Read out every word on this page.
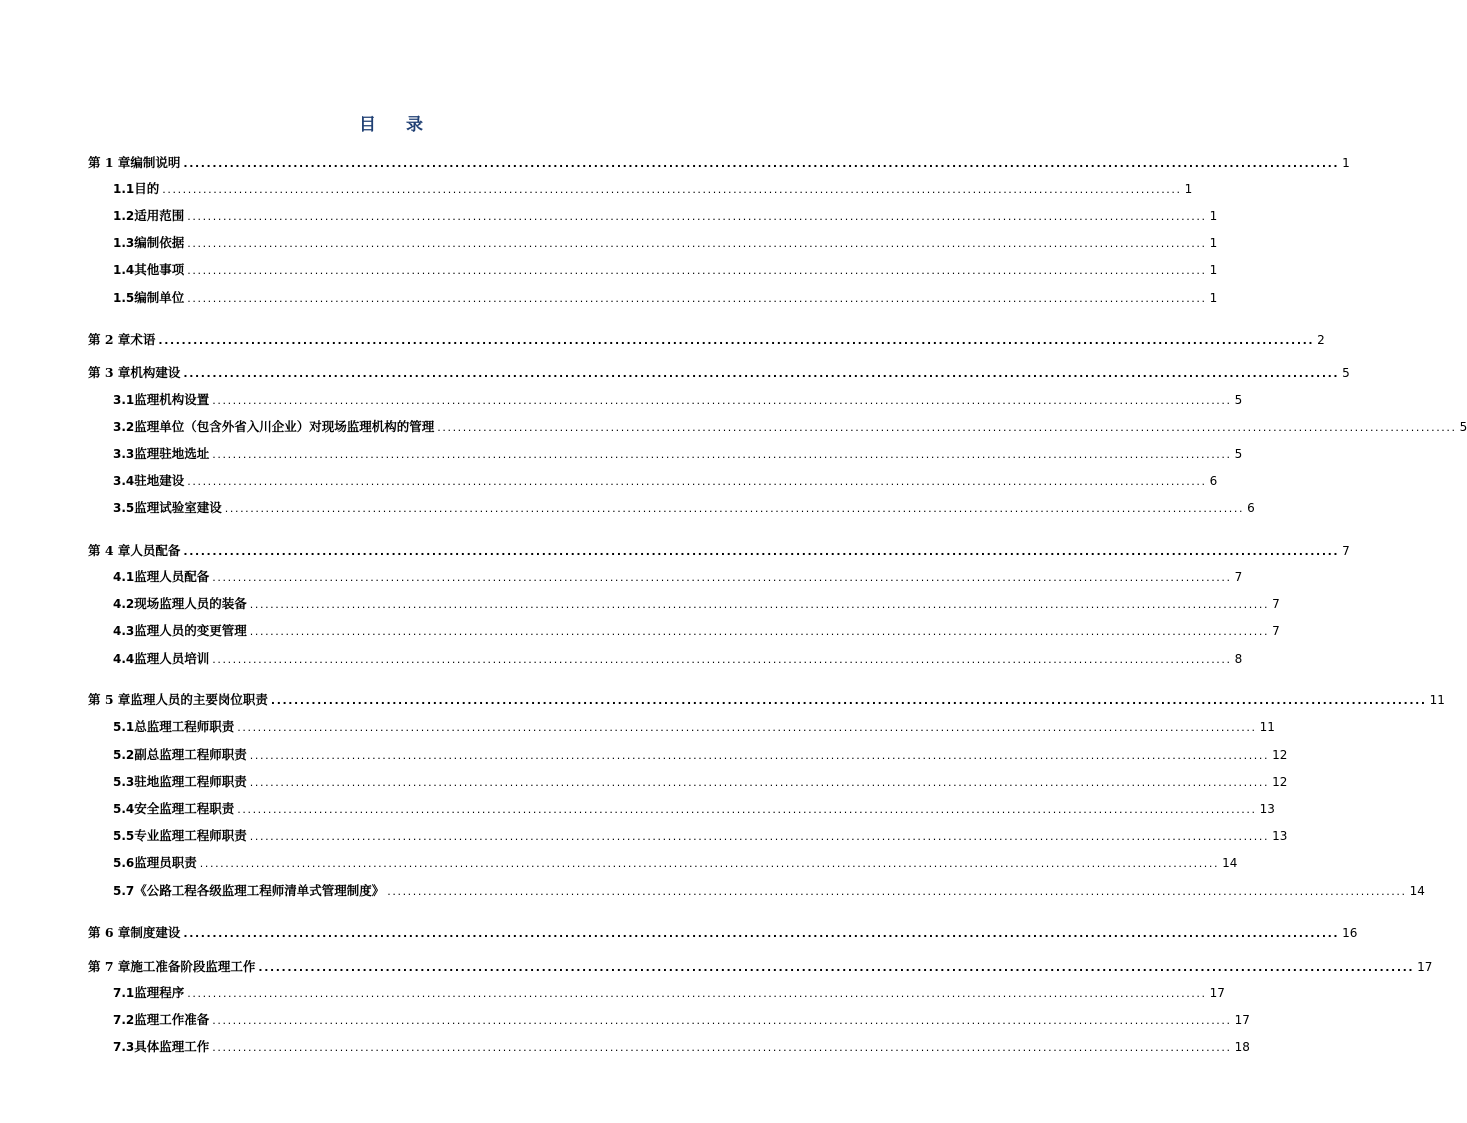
目 录
第 1 章 编制说明 ........................................................................................................................................................................................................ 1
1.1 目的 ........................................................................................................................................................................................................ 1
1.2 适用范围 ........................................................................................................................................................................................................ 1
1.3 编制依据 ........................................................................................................................................................................................................ 1
1.4 其他事项 ........................................................................................................................................................................................................ 1
1.5 编制单位 ........................................................................................................................................................................................................ 1
第 2 章 术语 ........................................................................................................................................................................................................ 2
第 3 章 机构建设 ........................................................................................................................................................................................................ 5
3.1 监理机构设置 ........................................................................................................................................................................................................ 5
3.2 监理单位（包含外省入川企业）对现场监理机构的管理 ........................................................................................................................................................................................................ 5
3.3 监理驻地选址 ........................................................................................................................................................................................................ 5
3.4 驻地建设 ........................................................................................................................................................................................................ 6
3.5 监理试验室建设 ........................................................................................................................................................................................................ 6
第 4 章 人员配备 ........................................................................................................................................................................................................ 7
4.1 监理人员配备 ........................................................................................................................................................................................................ 7
4.2 现场监理人员的装备 ........................................................................................................................................................................................................ 7
4.3 监理人员的变更管理 ........................................................................................................................................................................................................ 7
4.4 监理人员培训 ........................................................................................................................................................................................................ 8
第 5 章 监理人员的主要岗位职责 ........................................................................................................................................................................................................ 11
5.1 总监理工程师职责 ........................................................................................................................................................................................................ 11
5.2 副总监理工程师职责 ........................................................................................................................................................................................................ 12
5.3 驻地监理工程师职责 ........................................................................................................................................................................................................ 12
5.4 安全监理工程职责 ........................................................................................................................................................................................................ 13
5.5 专业监理工程师职责 ........................................................................................................................................................................................................ 13
5.6 监理员职责 ........................................................................................................................................................................................................ 14
5.7 《公路工程各级监理工程师清单式管理制度》 ........................................................................................................................................................................................................ 14
第 6 章 制度建设 ........................................................................................................................................................................................................ 16
第 7 章 施工准备阶段监理工作 ........................................................................................................................................................................................................ 17
7.1 监理程序 ........................................................................................................................................................................................................ 17
7.2 监理工作准备 ........................................................................................................................................................................................................ 17
7.3 具体监理工作 ........................................................................................................................................................................................................ 18
